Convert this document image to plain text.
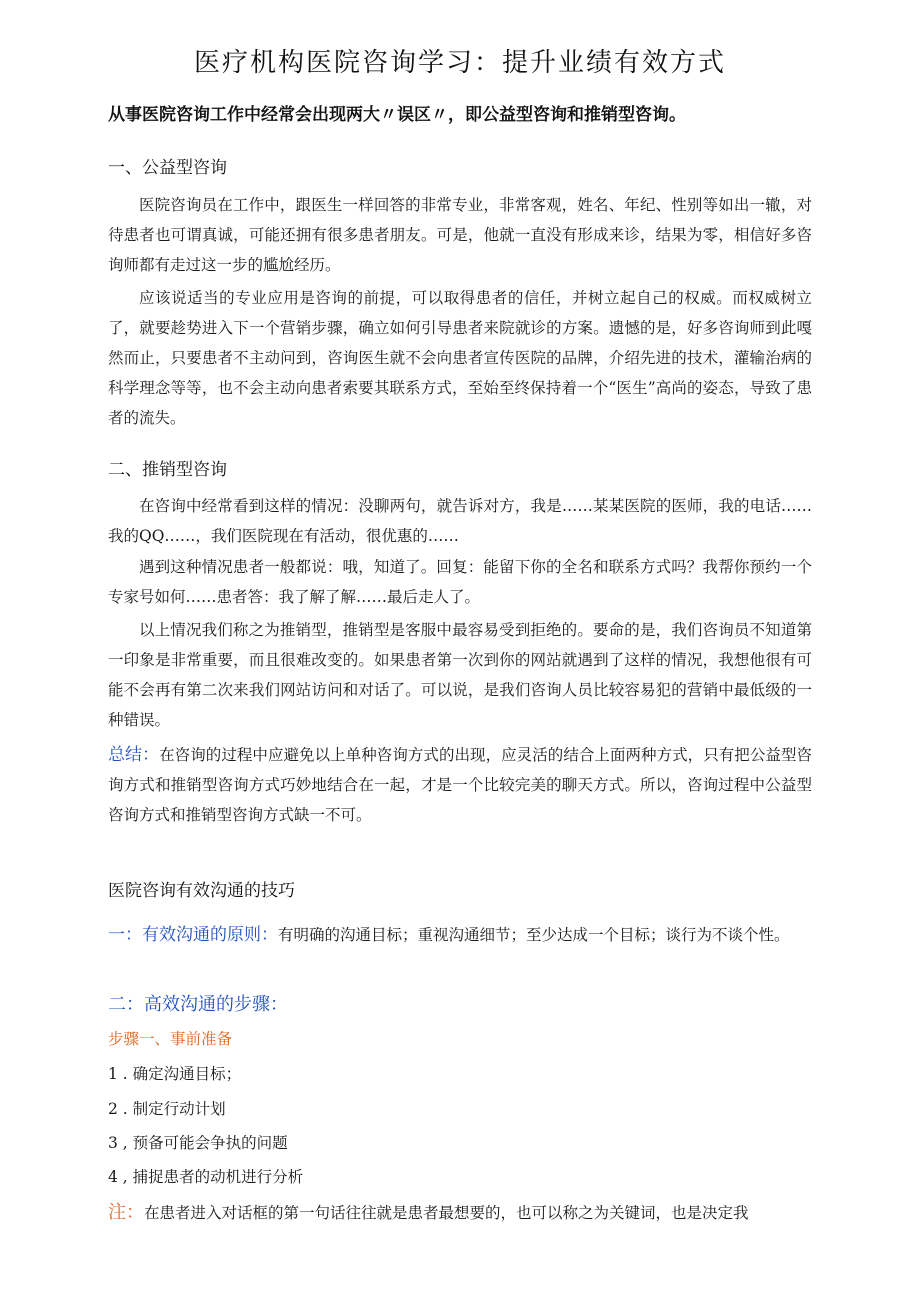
医疗机构医院咨询学习：提升业绩有效方式
从事医院咨询工作中经常会出现两大〃误区〃，即公益型咨询和推销型咨询。
一、公益型咨询

医院咨询员在工作中，跟医生一样回答的非常专业，非常客观，姓名、年纪、性别等如出一辙，对待患者也可谓真诚，可能还拥有很多患者朋友。可是，他就一直没有形成来诊，结果为零，相信好多咨询师都有走过这一步的尴尬经历。

应该说适当的专业应用是咨询的前提，可以取得患者的信任，并树立起自己的权威。而权威树立了，就要趁势进入下一个营销步骤，确立如何引导患者来院就诊的方案。遗憾的是，好多咨询师到此嘎然而止，只要患者不主动问到，咨询医生就不会向患者宣传医院的品牌，介绍先进的技术，灌输治病的科学理念等等，也不会主动向患者索要其联系方式，至始至终保持着一个“医生”高尚的姿态，导致了患者的流失。

二、推销型咨询

在咨询中经常看到这样的情况：没聊两句，就告诉对方，我是……某某医院的医师，我的电话……我的QQ……，我们医院现在有活动，很优惠的……

遇到这种情况患者一般都说：哦，知道了。回复：能留下你的全名和联系方式吗？我帮你预约一个专家号如何……患者答：我了解了解……最后走人了。

以上情况我们称之为推销型，推销型是客服中最容易受到拒绝的。要命的是，我们咨询员不知道第一印象是非常重要，而且很难改变的。如果患者第一次到你的网站就遇到了这样的情况，我想他很有可能不会再有第二次来我们网站访问和对话了。可以说，是我们咨询人员比较容易犯的营销中最低级的一种错误。

总结：在咨询的过程中应避免以上单种咨询方式的出现，应灵活的结合上面两种方式，只有把公益型咨询方式和推销型咨询方式巧妙地结合在一起，才是一个比较完美的聊天方式。所以，咨询过程中公益型咨询方式和推销型咨询方式缺一不可。

医院咨询有效沟通的技巧

一：有效沟通的原则：有明确的沟通目标；重视沟通细节；至少达成一个目标；谈行为不谈个性。

二：高效沟通的步骤：
步骤一、事前准备
1 . 确定沟通目标；
2 . 制定行动计划
3 , 预备可能会争执的问题
4 , 捕捉患者的动机进行分析
注：在患者进入对话框的第一句话往往就是患者最想要的，也可以称之为关键词，也是决定我
